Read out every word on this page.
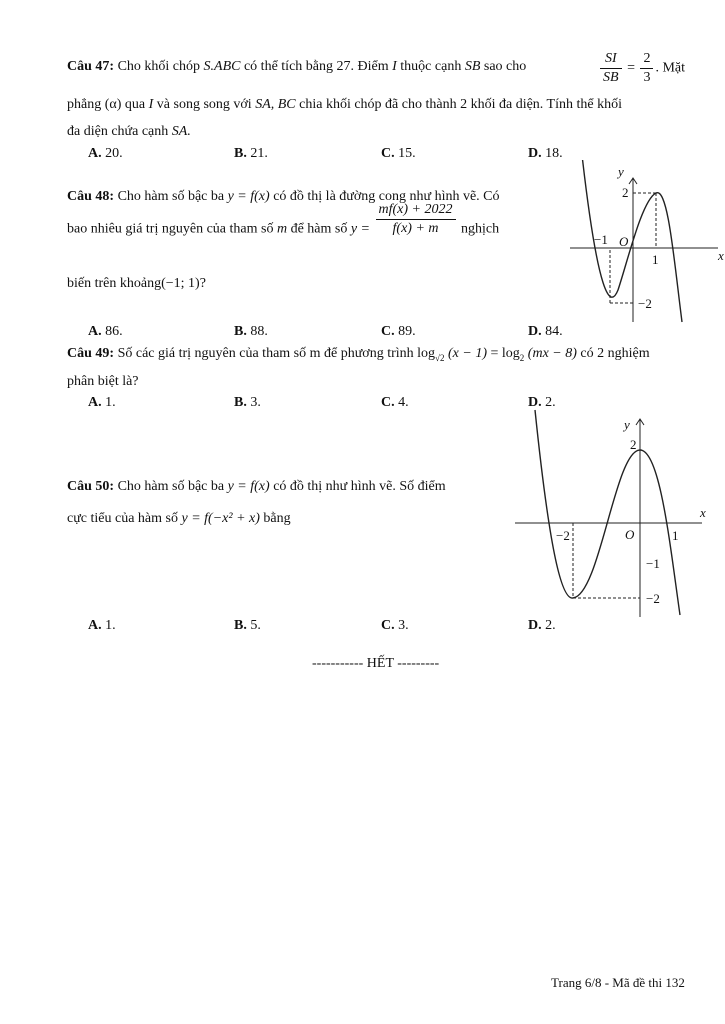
Câu 47: Cho khối chóp S.ABC có thể tích bằng 27. Điểm I thuộc cạnh SB sao cho	$\frac{SI}{SB} = \frac{2}{3}$ . Mặt
phẳng (α) qua I và song song với SA, BC chia khối chóp đã cho thành 2 khối đa diện. Tính thể khối
đa diện chứa cạnh SA.
A. 20.	B. 21.	C. 15.	D. 18.
Câu 48: Cho hàm số bậc ba y = f(x) có đồ thị là đường cong như hình vẽ. Có
bao nhiêu giá trị nguyên của tham số m để hàm số $y = \frac{mf(x) + 2022}{f(x) + m}$ nghịch
biến trên khoảng(−1; 1)?
y
x
O
2
−2
−1
1
A. 86.	B. 88.	C. 89.	D. 84.
Câu 49: Số các giá trị nguyên của tham số m để phương trình $\log_{√2} (x - 1) = \log_2 (mx - 8)$ có 2 nghiệm
phân biệt là?
A. 1.	B. 3.	C. 4.	D. 2.
Câu 50: Cho hàm số bậc ba y = f(x) có đồ thị như hình vẽ. Số điểm
cực tiểu của hàm số y = f(−x² + x) bằng
y
x
O
2
−1
−2
−2	1
A. 1.	B. 5.	C. 3.	D. 2.
----------- HẾT ---------
Trang 6/8 - Mã đề thi 132
